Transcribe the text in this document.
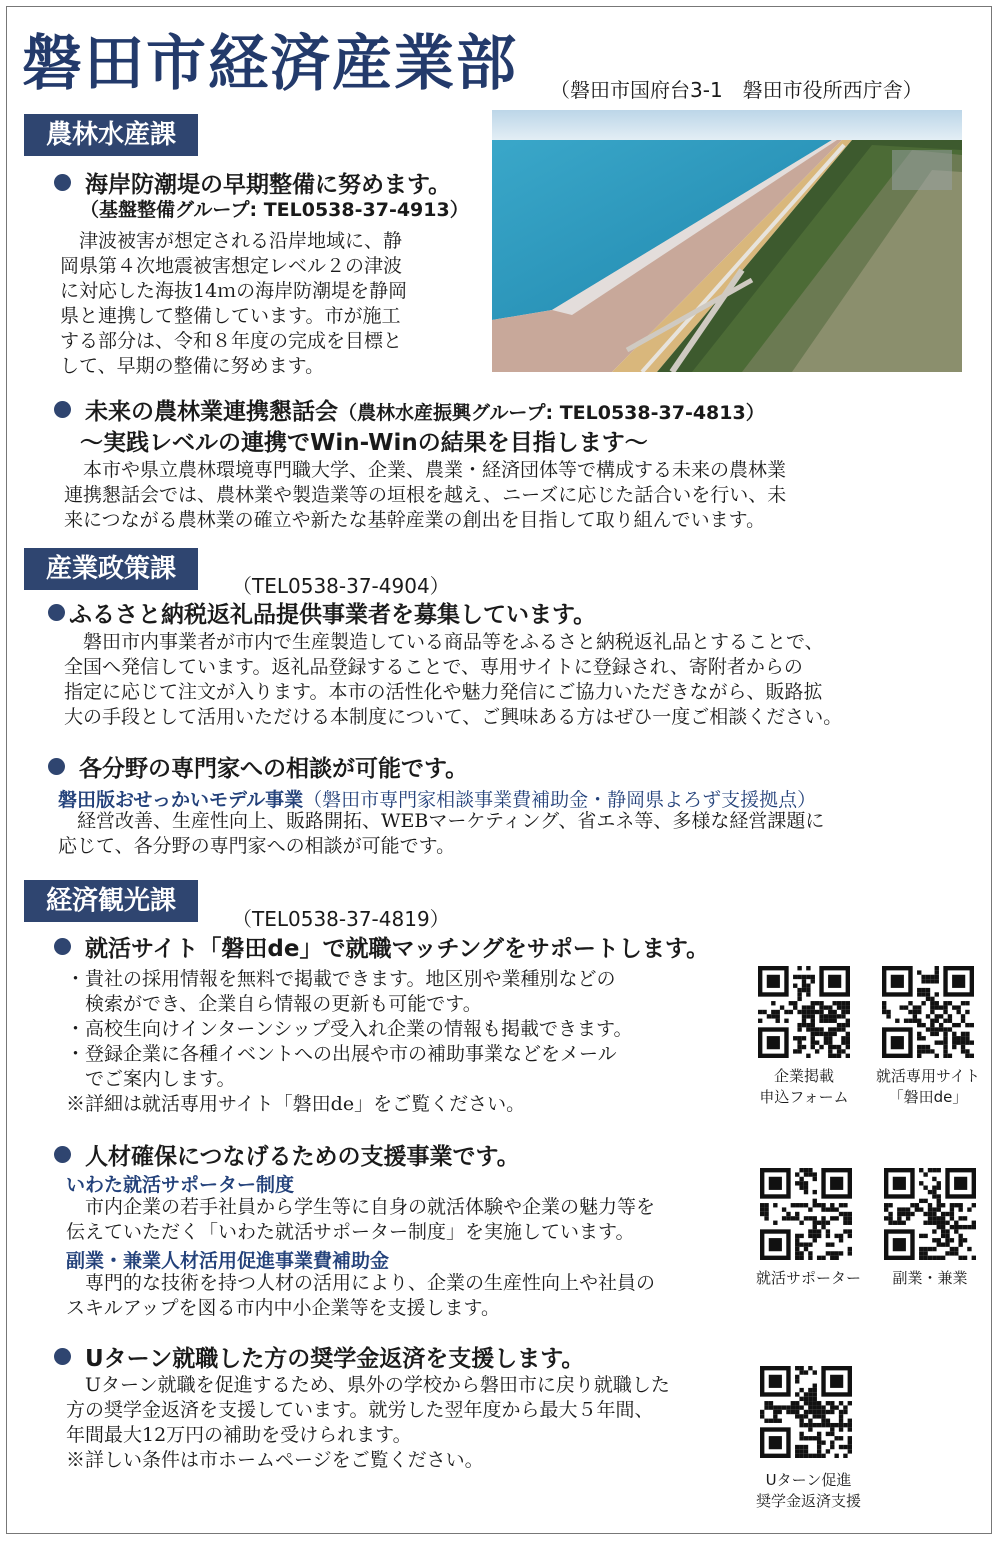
磐田市経済産業部 （磐田市国府台3-1　磐田市役所西庁舎）
農林水産課
海岸防潮堤の早期整備に努めます。
（基盤整備グループ: TEL0538-37-4913）
　津波被害が想定される沿岸地域に、静
岡県第４次地震被害想定レベル２の津波
に対応した海抜14ｍの海岸防潮堤を静岡
県と連携して整備しています。市が施工
する部分は、令和８年度の完成を目標と
して、早期の整備に努めます。
未来の農林業連携懇話会（農林水産振興グループ: TEL0538-37-4813）
〜実践レベルの連携でWin-Winの結果を目指します〜
　本市や県立農林環境専門職大学、企業、農業・経済団体等で構成する未来の農林業
連携懇話会では、農林業や製造業等の垣根を越え、ニーズに応じた話合いを行い、未
来につながる農林業の確立や新たな基幹産業の創出を目指して取り組んでいます。
産業政策課
（TEL0538-37-4904）
ふるさと納税返礼品提供事業者を募集しています。
　磐田市内事業者が市内で生産製造している商品等をふるさと納税返礼品とすることで、
全国へ発信しています。返礼品登録することで、専用サイトに登録され、寄附者からの
指定に応じて注文が入ります。本市の活性化や魅力発信にご協力いただきながら、販路拡
大の手段として活用いただける本制度について、ご興味ある方はぜひ一度ご相談ください。
各分野の専門家への相談が可能です。
磐田版おせっかいモデル事業（磐田市専門家相談事業費補助金・静岡県よろず支援拠点）
　経営改善、生産性向上、販路開拓、WEBマーケティング、省エネ等、多様な経営課題に
応じて、各分野の専門家への相談が可能です。
経済観光課
（TEL0538-37-4819）
就活サイト「磐田de」で就職マッチングをサポートします。
・貴社の採用情報を無料で掲載できます。地区別や業種別などの
　検索ができ、企業自ら情報の更新も可能です。
・高校生向けインターンシップ受入れ企業の情報も掲載できます。
・登録企業に各種イベントへの出展や市の補助事業などをメール
　でご案内します。
※詳細は就活専用サイト「磐田de」をご覧ください。
企業掲載
申込フォーム
就活専用サイト
「磐田de」
人材確保につなげるための支援事業です。
いわた就活サポーター制度
　市内企業の若手社員から学生等に自身の就活体験や企業の魅力等を
伝えていただく「いわた就活サポーター制度」を実施しています。
副業・兼業人材活用促進事業費補助金
　専門的な技術を持つ人材の活用により、企業の生産性向上や社員の
スキルアップを図る市内中小企業等を支援します。
就活サポーター	副業・兼業
Uターン就職した方の奨学金返済を支援します。
　Uターン就職を促進するため、県外の学校から磐田市に戻り就職した
方の奨学金返済を支援しています。就労した翌年度から最大５年間、
年間最大12万円の補助を受けられます。
※詳しい条件は市ホームページをご覧ください。
Uターン促進
奨学金返済支援
